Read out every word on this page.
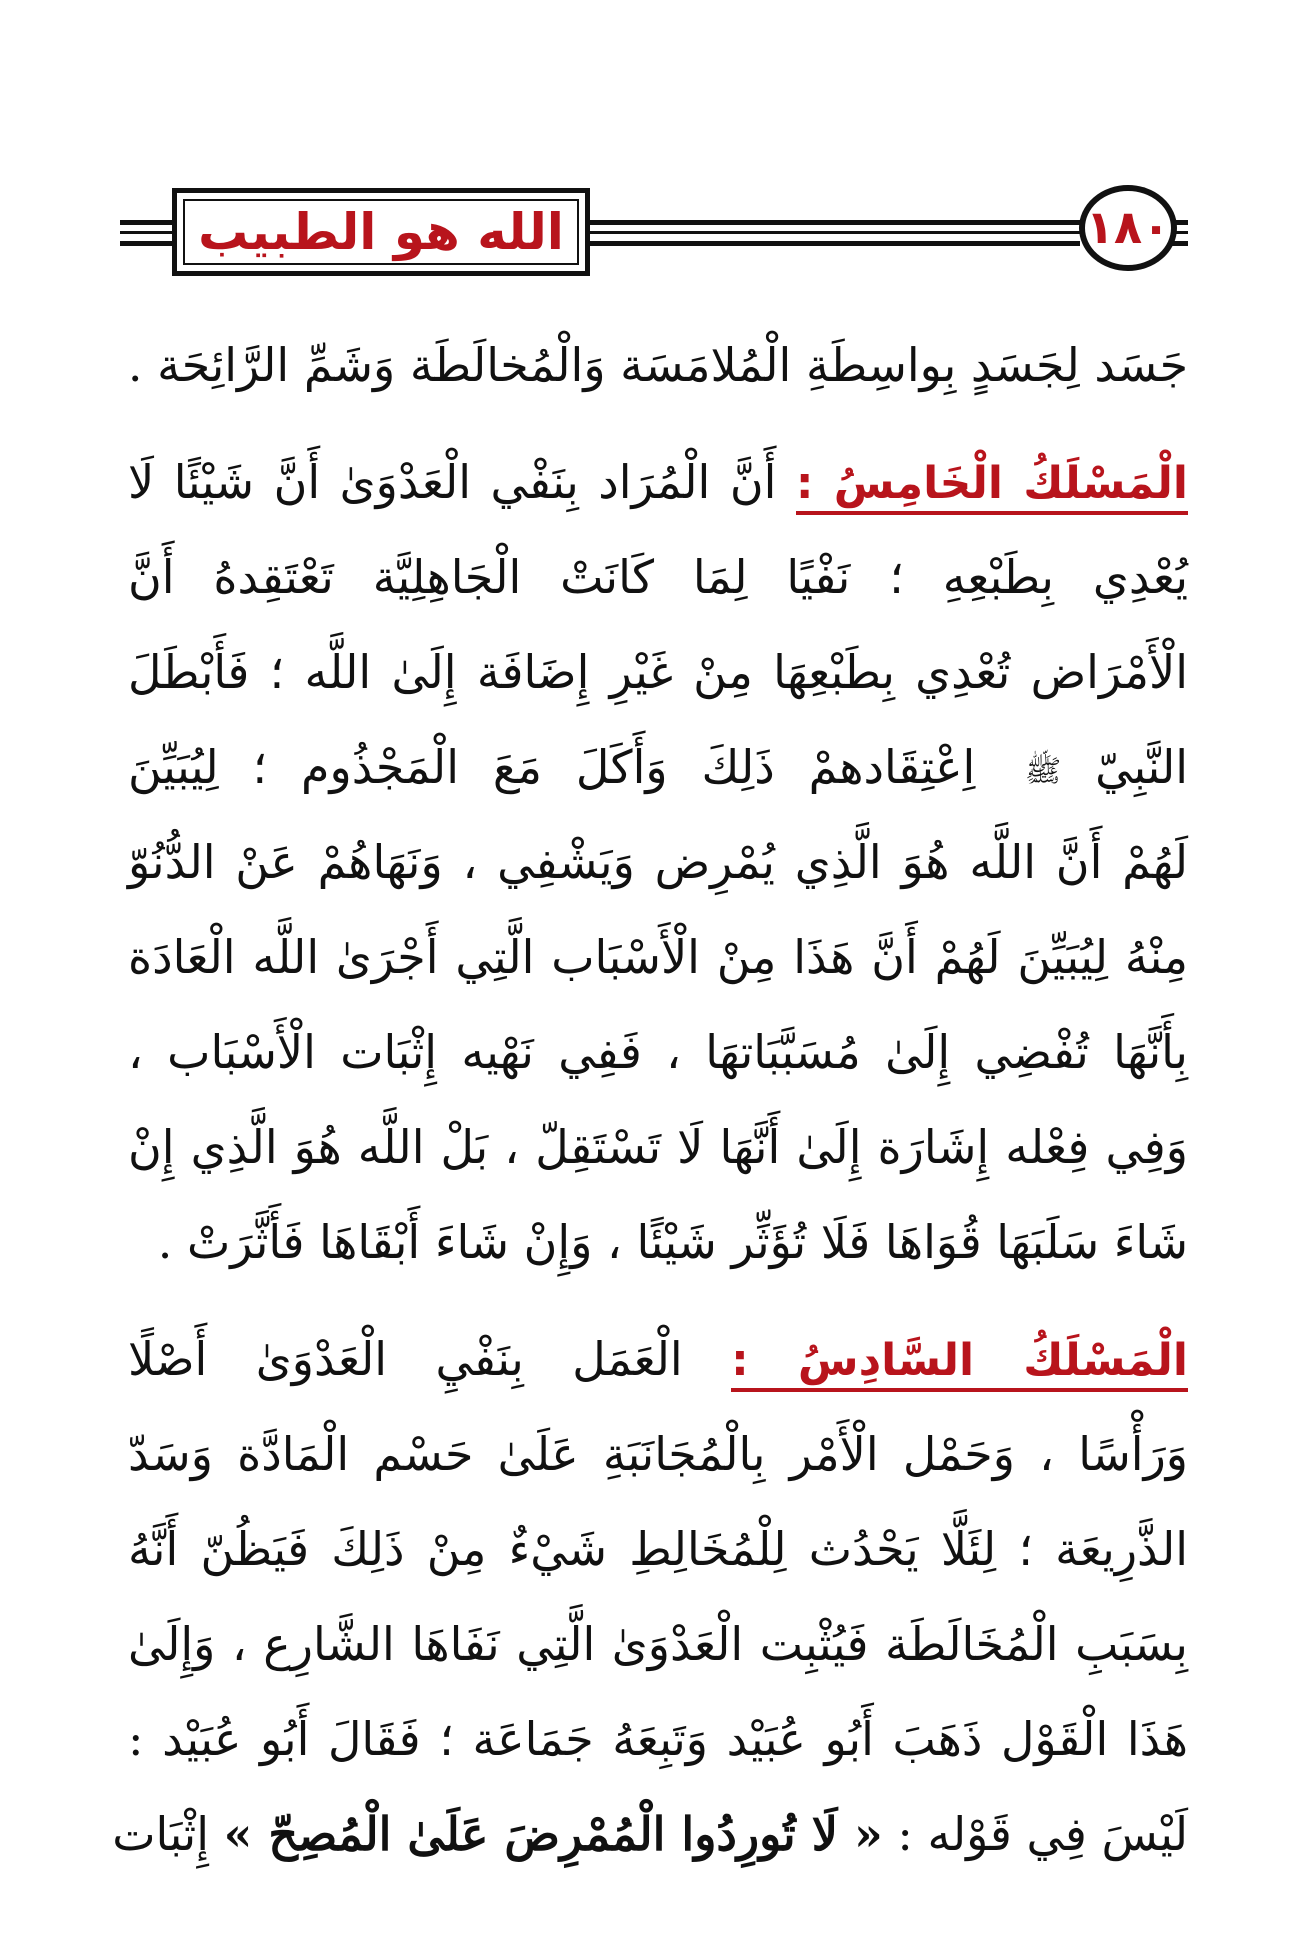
الله هو الطبيب	١٨٠
جَسَد لِجَسَدٍ بِواسِطَةِ الْمُلامَسَة وَالْمُخالَطَة وَشَمِّ الرَّائِحَة .
الْمَسْلَكُ الْخَامِسُ : أَنَّ الْمُرَاد بِنَفْي الْعَدْوَىٰ أَنَّ شَيْئًا لَا
يُعْدِي بِطَبْعِهِ ؛ نَفْيًا لِمَا كَانَتْ الْجَاهِلِيَّة تَعْتَقِدهُ أَنَّ
الْأَمْرَاض تُعْدِي بِطَبْعِهَا مِنْ غَيْرِ إِضَافَة إِلَىٰ اللَّه ؛ فَأَبْطَلَ
النَّبِيّ ﷺ اِعْتِقَادهمْ ذَلِكَ وَأَكَلَ مَعَ الْمَجْذُوم ؛ لِيُبَيِّنَ
لَهُمْ أَنَّ اللَّه هُوَ الَّذِي يُمْرِض وَيَشْفِي ، وَنَهَاهُمْ عَنْ الدُّنُوّ
مِنْهُ لِيُبَيِّنَ لَهُمْ أَنَّ هَذَا مِنْ الْأَسْبَاب الَّتِي أَجْرَىٰ اللَّه الْعَادَة
بِأَنَّهَا تُفْضِي إِلَىٰ مُسَبَّبَاتهَا ، فَفِي نَهْيه إِثْبَات الْأَسْبَاب ،
وَفِي فِعْله إِشَارَة إِلَىٰ أَنَّهَا لَا تَسْتَقِلّ ، بَلْ اللَّه هُوَ الَّذِي إِنْ
شَاءَ سَلَبَهَا قُوَاهَا فَلَا تُؤَثِّر شَيْئًا ، وَإِنْ شَاءَ أَبْقَاهَا فَأَثَّرَتْ .
الْمَسْلَكُ السَّادِسُ : الْعَمَل بِنَفْيِ الْعَدْوَىٰ أَصْلًا
وَرَأْسًا ، وَحَمْل الْأَمْر بِالْمُجَانَبَةِ عَلَىٰ حَسْم الْمَادَّة وَسَدّ
الذَّرِيعَة ؛ لِئَلَّا يَحْدُث لِلْمُخَالِطِ شَيْءٌ مِنْ ذَلِكَ فَيَظُنّ أَنَّهُ
بِسَبَبِ الْمُخَالَطَة فَيُثْبِت الْعَدْوَىٰ الَّتِي نَفَاهَا الشَّارِع ، وَإِلَىٰ
هَذَا الْقَوْل ذَهَبَ أَبُو عُبَيْد وَتَبِعَهُ جَمَاعَة ؛ فَقَالَ أَبُو عُبَيْد :
لَيْسَ فِي قَوْله : « لَا تُورِدُوا الْمُمْرِضَ عَلَىٰ الْمُصِحّ » إِثْبَات
